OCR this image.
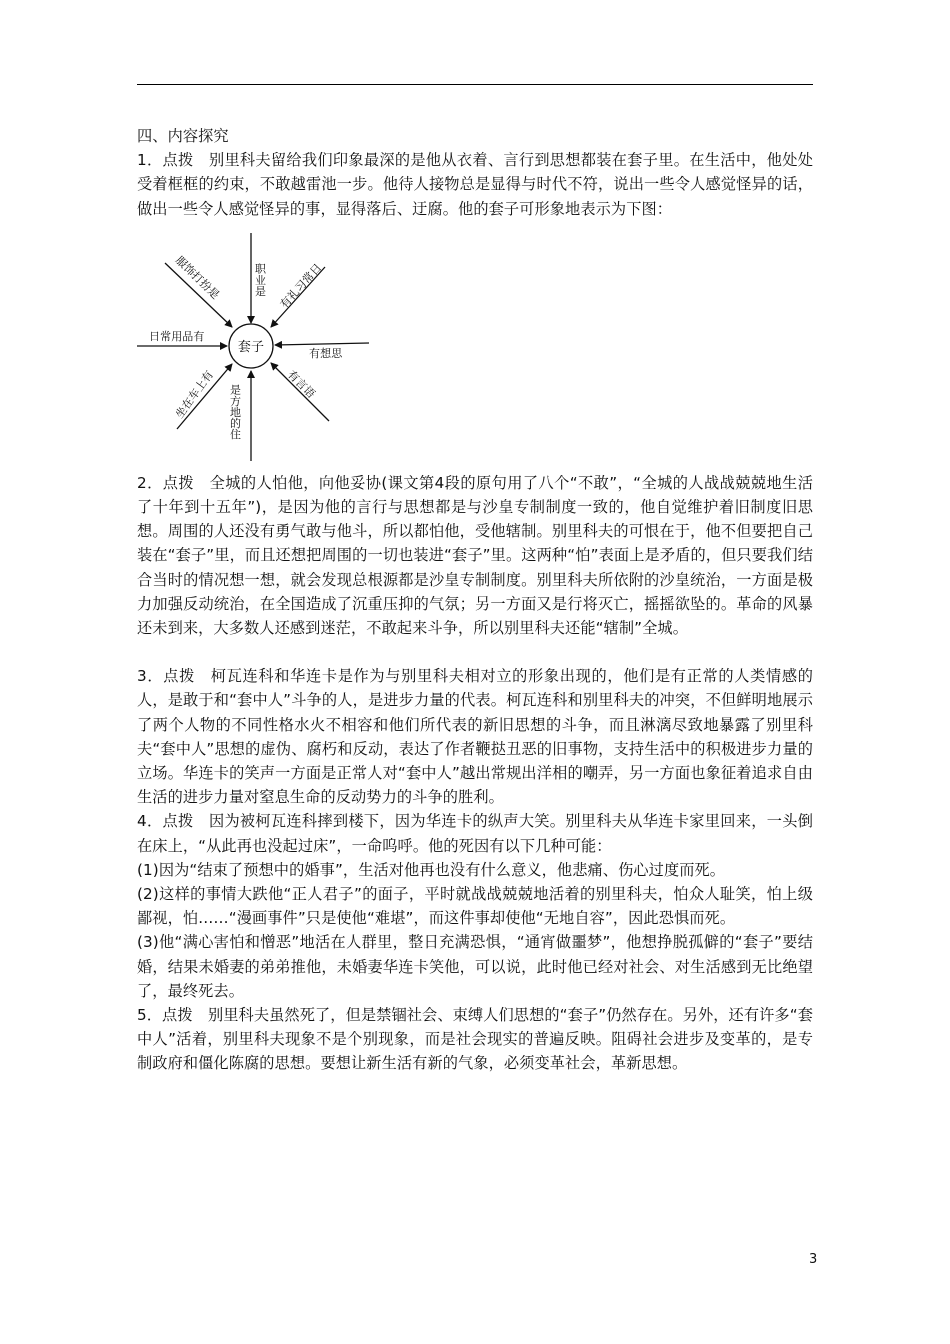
四、内容探究

1．点拨　别里科夫留给我们印象最深的是他从衣着、言行到思想都装在套子里。在生活中，他处处受着框框的约束，不敢越雷池一步。他待人接物总是显得与时代不符，说出一些令人感觉怪异的话，做出一些令人感觉怪异的事，显得落后、迂腐。他的套子可形象地表示为下图：

套子
职业是 有礼习常日
有想思
有言语
是方地的住
坐在车上有
日常用品有
服饰打扮是

2．点拨　全城的人怕他，向他妥协(课文第4段的原句用了八个“不敢”，“全城的人战战兢兢地生活了十年到十五年”)，是因为他的言行与思想都是与沙皇专制制度一致的，他自觉维护着旧制度旧思想。周围的人还没有勇气敢与他斗，所以都怕他，受他辖制。别里科夫的可恨在于，他不但要把自己装在“套子”里，而且还想把周围的一切也装进“套子”里。这两种“怕”表面上是矛盾的，但只要我们结合当时的情况想一想，就会发现总根源都是沙皇专制制度。别里科夫所依附的沙皇统治，一方面是极力加强反动统治，在全国造成了沉重压抑的气氛；另一方面又是行将灭亡，摇摇欲坠的。革命的风暴还未到来，大多数人还感到迷茫，不敢起来斗争，所以别里科夫还能“辖制”全城。

3．点拨　柯瓦连科和华连卡是作为与别里科夫相对立的形象出现的，他们是有正常的人类情感的人，是敢于和“套中人”斗争的人，是进步力量的代表。柯瓦连科和别里科夫的冲突，不但鲜明地展示了两个人物的不同性格水火不相容和他们所代表的新旧思想的斗争，而且淋漓尽致地暴露了别里科夫“套中人”思想的虚伪、腐朽和反动，表达了作者鞭挞丑恶的旧事物，支持生活中的积极进步力量的立场。华连卡的笑声一方面是正常人对“套中人”越出常规出洋相的嘲弄，另一方面也象征着追求自由生活的进步力量对窒息生命的反动势力的斗争的胜利。

4．点拨　因为被柯瓦连科摔到楼下，因为华连卡的纵声大笑。别里科夫从华连卡家里回来，一头倒在床上，“从此再也没起过床”，一命呜呼。他的死因有以下几种可能：

(1)因为“结束了预想中的婚事”，生活对他再也没有什么意义，他悲痛、伤心过度而死。

(2)这样的事情大跌他“正人君子”的面子，平时就战战兢兢地活着的别里科夫，怕众人耻笑，怕上级鄙视，怕……“漫画事件”只是使他“难堪”，而这件事却使他“无地自容”，因此恐惧而死。

(3)他“满心害怕和憎恶”地活在人群里，整日充满恐惧，“通宵做噩梦”，他想挣脱孤僻的“套子”要结婚，结果未婚妻的弟弟推他，未婚妻华连卡笑他，可以说，此时他已经对社会、对生活感到无比绝望了，最终死去。

5．点拨　别里科夫虽然死了，但是禁锢社会、束缚人们思想的“套子”仍然存在。另外，还有许多“套中人”活着，别里科夫现象不是个别现象，而是社会现实的普遍反映。阻碍社会进步及变革的，是专制政府和僵化陈腐的思想。要想让新生活有新的气象，必须变革社会，革新思想。

3
